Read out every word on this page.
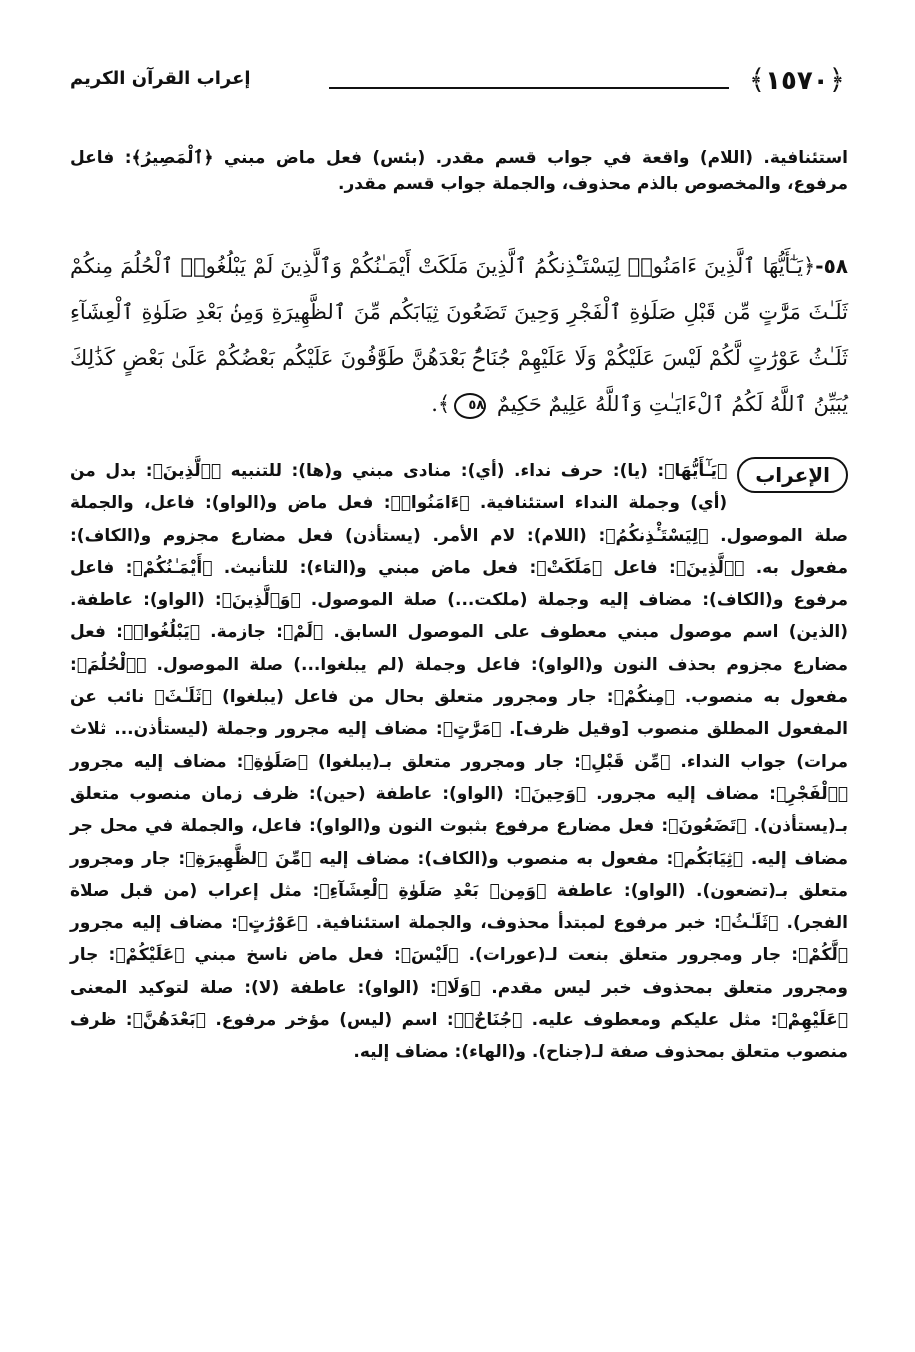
﴿١٥٧٠﴾
إعراب القرآن الكريم

استئنافية. (اللام) واقعة في جواب قسم مقدر. (بئس) فعل ماض مبني ﴿ٱلْمَصِيرُ﴾: فاعل مرفوع، والمخصوص بالذم محذوف، والجملة جواب قسم مقدر.

٥٨-﴿يَـٰٓأَيُّهَا ٱلَّذِينَ ءَامَنُوا۟ لِيَسْتَـْٔذِنكُمُ ٱلَّذِينَ مَلَكَتْ أَيْمَـٰنُكُمْ وَٱلَّذِينَ لَمْ يَبْلُغُوا۟ ٱلْحُلُمَ مِنكُمْ ثَلَـٰثَ مَرَّٰتٍ مِّن قَبْلِ صَلَوٰةِ ٱلْفَجْرِ وَحِينَ تَضَعُونَ ثِيَابَكُم مِّنَ ٱلظَّهِيرَةِ وَمِنۢ بَعْدِ صَلَوٰةِ ٱلْعِشَآءِ ثَلَـٰثُ عَوْرَٰتٍ لَّكُمْ لَيْسَ عَلَيْكُمْ وَلَا عَلَيْهِمْ جُنَاحٌۢ بَعْدَهُنَّ طَوَّٰفُونَ عَلَيْكُم بَعْضُكُمْ عَلَىٰ بَعْضٍ كَذَٰلِكَ يُبَيِّنُ ٱللَّهُ لَكُمُ ٱلْءَايَـٰتِ وَٱللَّهُ عَلِيمٌ حَكِيمٌ ٥٨﴾.

الإعراب
﴿يَـٰٓأَيُّهَا﴾: (يا): حرف نداء. (أي): منادى مبني و(ها): للتنبيه ﴿ٱلَّذِينَ﴾: بدل من (أي) وجملة النداء استئنافية. ﴿ءَامَنُوا۟﴾: فعل ماض و(الواو): فاعل، والجملة صلة الموصول. ﴿لِيَسْتَـْٔذِنكُمُ﴾: (اللام): لام الأمر. (يستأذن) فعل مضارع مجزوم و(الكاف): مفعول به. ﴿ٱلَّذِينَ﴾: فاعل ﴿مَلَكَتْ﴾: فعل ماض مبني و(التاء): للتأنيث. ﴿أَيْمَـٰنُكُمْ﴾: فاعل مرفوع و(الكاف): مضاف إليه وجملة (ملكت...) صلة الموصول. ﴿وَٱلَّذِينَ﴾: (الواو): عاطفة. (الذين) اسم موصول مبني معطوف على الموصول السابق. ﴿لَمْ﴾: جازمة. ﴿يَبْلُغُوا۟﴾: فعل مضارع مجزوم بحذف النون و(الواو): فاعل وجملة (لم يبلغوا...) صلة الموصول. ﴿ٱلْحُلُمَ﴾: مفعول به منصوب. ﴿مِنكُمْ﴾: جار ومجرور متعلق بحال من فاعل (يبلغوا) ﴿ثَلَـٰثَ﴾ نائب عن المفعول المطلق منصوب [وقيل ظرف]. ﴿مَرَّٰتٍ﴾: مضاف إليه مجرور وجملة (ليستأذن... ثلاث مرات) جواب النداء. ﴿مِّن قَبْلِ﴾: جار ومجرور متعلق بـ(يبلغوا) ﴿صَلَوٰةِ﴾: مضاف إليه مجرور ﴿ٱلْفَجْرِ﴾: مضاف إليه مجرور. ﴿وَحِينَ﴾: (الواو): عاطفة (حين): ظرف زمان منصوب متعلق بـ(يستأذن). ﴿تَضَعُونَ﴾: فعل مضارع مرفوع بثبوت النون و(الواو): فاعل، والجملة في محل جر مضاف إليه. ﴿ثِيَابَكُم﴾: مفعول به منصوب و(الكاف): مضاف إليه ﴿مِّنَ ٱلظَّهِيرَةِ﴾: جار ومجرور متعلق بـ(تضعون). (الواو): عاطفة ﴿وَمِنۢ بَعْدِ صَلَوٰةِ ٱلْعِشَآءِ﴾: مثل إعراب (من قبل صلاة الفجر). ﴿ثَلَـٰثُ﴾: خبر مرفوع لمبتدأ محذوف، والجملة استئنافية. ﴿عَوْرَٰتٍ﴾: مضاف إليه مجرور ﴿لَّكُمْ﴾: جار ومجرور متعلق بنعت لـ(عورات). ﴿لَيْسَ﴾: فعل ماض ناسخ مبني ﴿عَلَيْكُمْ﴾: جار ومجرور متعلق بمحذوف خبر ليس مقدم. ﴿وَلَا﴾: (الواو): عاطفة (لا): صلة لتوكيد المعنى ﴿عَلَيْهِمْ﴾: مثل عليكم ومعطوف عليه. ﴿جُنَاحٌۢ﴾: اسم (ليس) مؤخر مرفوع. ﴿بَعْدَهُنَّ﴾: ظرف منصوب متعلق بمحذوف صفة لـ(جناح). و(الهاء): مضاف إليه.
